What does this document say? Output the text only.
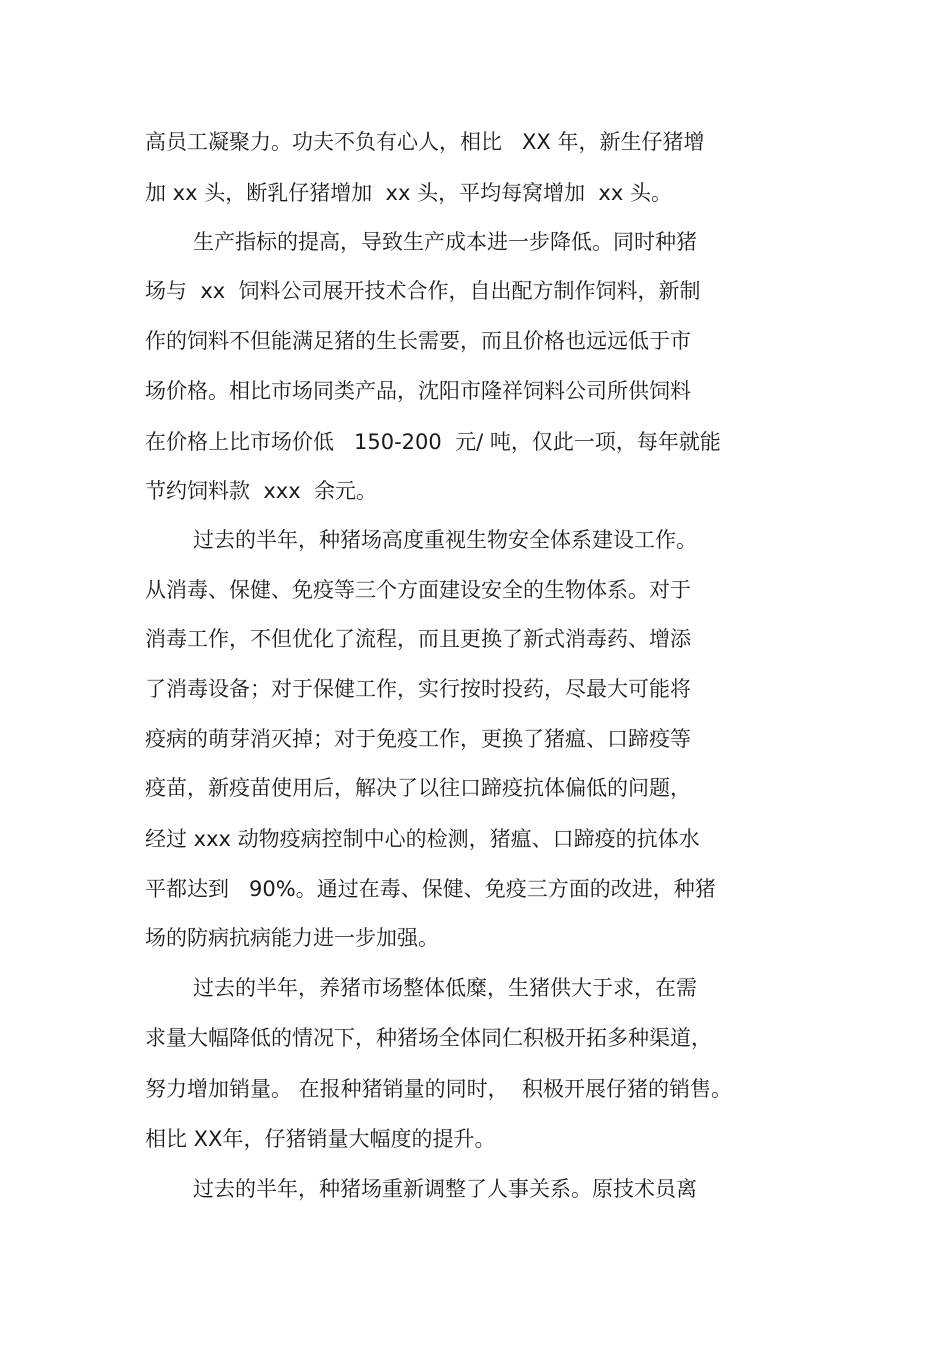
高员工凝聚力。功夫不负有心人，相比   XX 年，新生仔猪增
加 xx 头，断乳仔猪增加  xx 头，平均每窝增加  xx 头。
生产指标的提高，导致生产成本进一步降低。同时种猪
场与  xx  饲料公司展开技术合作，自出配方制作饲料，新制
作的饲料不但能满足猪的生长需要，而且价格也远远低于市
场价格。相比市场同类产品，沈阳市隆祥饲料公司所供饲料
在价格上比市场价低   150-200  元/ 吨，仅此一项，每年就能
节约饲料款  xxx  余元。
过去的半年，种猪场高度重视生物安全体系建设工作。
从消毒、保健、免疫等三个方面建设安全的生物体系。对于
消毒工作，不但优化了流程，而且更换了新式消毒药、增添
了消毒设备；对于保健工作，实行按时投药，尽最大可能将
疫病的萌芽消灭掉；对于免疫工作，更换了猪瘟、口蹄疫等
疫苗，新疫苗使用后，解决了以往口蹄疫抗体偏低的问题，
经过 xxx 动物疫病控制中心的检测，猪瘟、口蹄疫的抗体水
平都达到   90%。通过在毒、保健、免疫三方面的改进，种猪
场的防病抗病能力进一步加强。
过去的半年，养猪市场整体低糜，生猪供大于求，在需
求量大幅降低的情况下，种猪场全体同仁积极开拓多种渠道，
努力增加销量。 在报种猪销量的同时，  积极开展仔猪的销售。
相比 XX年，仔猪销量大幅度的提升。
过去的半年，种猪场重新调整了人事关系。原技术员离
